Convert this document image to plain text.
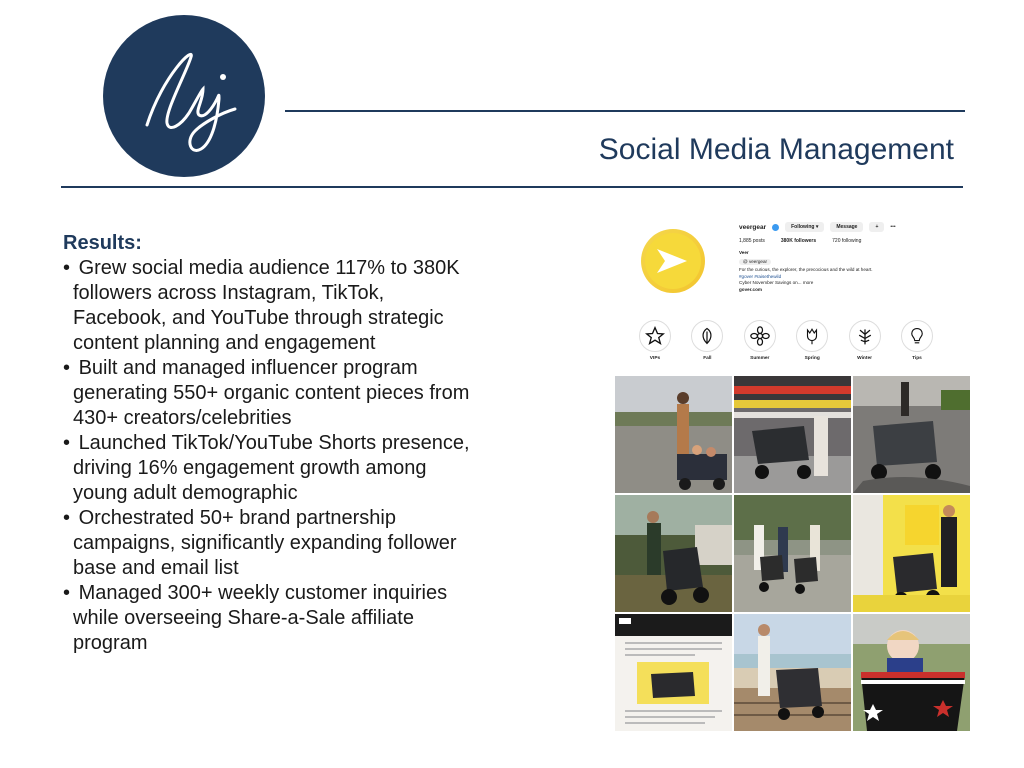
Social Media Management
Results:
• Grew social media audience 117% to 380K followers across Instagram, TikTok, Facebook, and YouTube through strategic content planning and engagement
• Built and managed influencer program generating 550+ organic content pieces from 430+ creators/celebrities
• Launched TikTok/YouTube Shorts presence, driving 16% engagement growth among young adult demographic
• Orchestrated 50+ brand partnership campaigns, significantly expanding follower base and email list
• Managed 300+ weekly customer inquiries while overseeing Share-a-Sale affiliate program
veergear	Following ▾	Message	+	•••
1,885 posts	380K followers	720 following
Veer
@ veergear
For the curious, the explorer, the precocious and the wild at heart.
#gover #raisethewild
Cyber November Savings on... more
gover.com
VIPs	Fall	Summer	Spring	Winter	Tips
